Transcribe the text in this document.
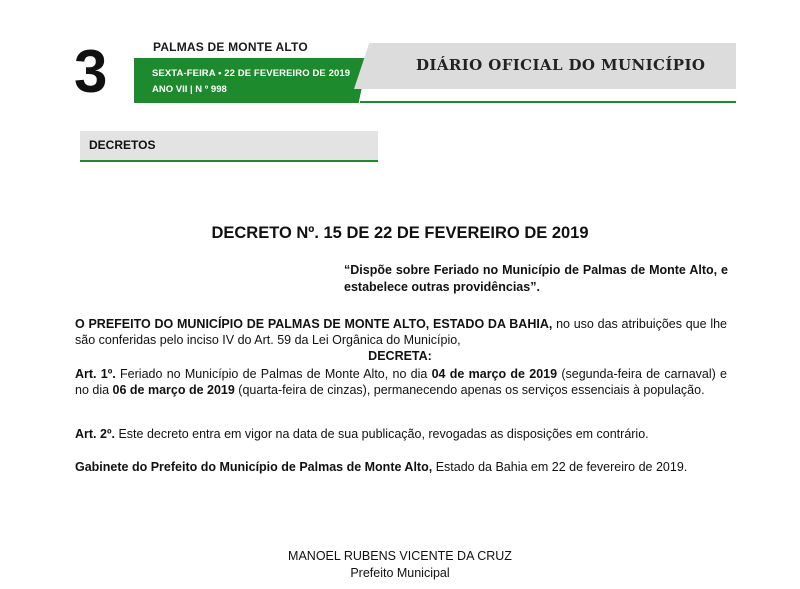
3	PALMAS DE MONTE ALTO
SEXTA-FEIRA • 22 DE FEVEREIRO DE 2019
ANO VII | N º 998
DIÁRIO OFICIAL DO MUNICÍPIO
DECRETOS
DECRETO Nº. 15 DE 22 DE FEVEREIRO DE 2019
“Dispõe sobre Feriado no Município de Palmas de Monte Alto, e estabelece outras providências”.
O PREFEITO DO MUNICÍPIO DE PALMAS DE MONTE ALTO, ESTADO DA BAHIA, no uso das atribuições que lhe são conferidas pelo inciso IV do Art. 59 da Lei Orgânica do Município,
DECRETA:
Art. 1º. Feriado no Município de Palmas de Monte Alto, no dia 04 de março de 2019 (segunda-feira de carnaval) e no dia 06 de março de 2019 (quarta-feira de cinzas), permanecendo apenas os serviços essenciais à população.
Art. 2º. Este decreto entra em vigor na data de sua publicação, revogadas as disposições em contrário.
Gabinete do Prefeito do Município de Palmas de Monte Alto, Estado da Bahia em 22 de fevereiro de 2019.
MANOEL RUBENS VICENTE DA CRUZ
Prefeito Municipal
